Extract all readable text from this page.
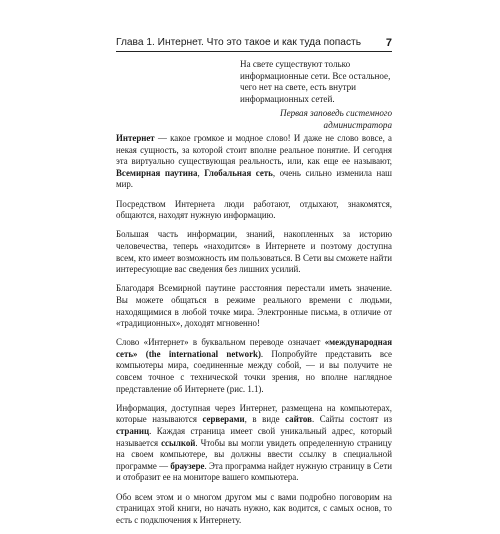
Глава 1. Интернет. Что это такое и как туда попасть 7

На свете существуют только информационные сети. Все остальное, чего нет на свете, есть внутри информационных сетей.

Первая заповедь системного администратора

Интернет — какое громкое и модное слово! И даже не слово вовсе, а некая сущность, за которой стоит вполне реальное понятие. И сегодня эта виртуально существующая реальность, или, как еще ее называют, Всемирная паутина, Глобальная сеть, очень сильно изменила наш мир.

Посредством Интернета люди работают, отдыхают, знакомятся, общаются, находят нужную информацию.

Большая часть информации, знаний, накопленных за историю человечества, теперь «находится» в Интернете и поэтому доступна всем, кто имеет возможность им пользоваться. В Сети вы сможете найти интересующие вас сведения без лишних усилий.

Благодаря Всемирной паутине расстояния перестали иметь значение. Вы можете общаться в режиме реального времени с людьми, находящимися в любой точке мира. Электронные письма, в отличие от «традиционных», доходят мгновенно!

Слово «Интернет» в буквальном переводе означает «международная сеть» (the international network). Попробуйте представить все компьютеры мира, соединенные между собой, — и вы получите не совсем точное с технической точки зрения, но вполне наглядное представление об Интернете (рис. 1.1).

Информация, доступная через Интернет, размещена на компьютерах, которые называются серверами, в виде сайтов. Сайты состоят из страниц. Каждая страница имеет свой уникальный адрес, который называется ссылкой. Чтобы вы могли увидеть определенную страницу на своем компьютере, вы должны ввести ссылку в специальной программе — браузере. Эта программа найдет нужную страницу в Сети и отобразит ее на мониторе вашего компьютера.

Обо всем этом и о многом другом мы с вами подробно поговорим на страницах этой книги, но начать нужно, как водится, с самых основ, то есть с подключения к Интернету.
